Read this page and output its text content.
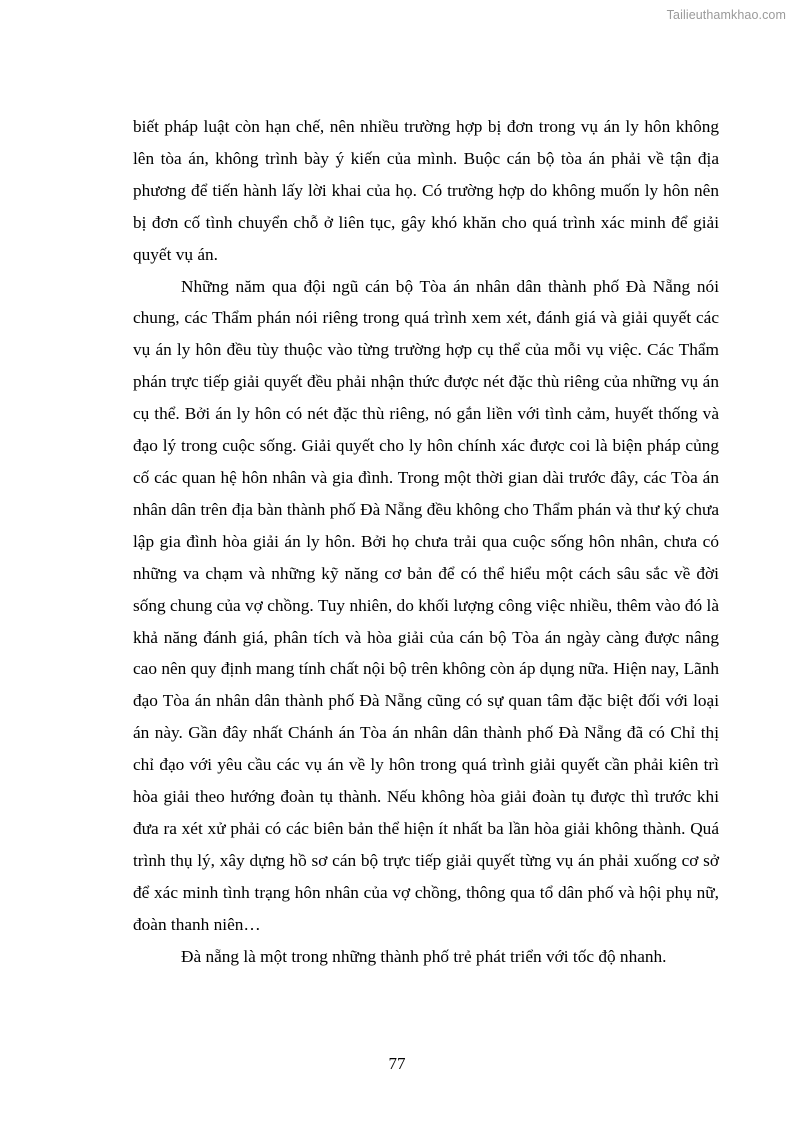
Tailieuthamkhao.com

biết pháp luật còn hạn chế, nên nhiều trường hợp bị đơn trong vụ án ly hôn không lên tòa án, không trình bày ý kiến của mình. Buộc cán bộ tòa án phải về tận địa phương để tiến hành lấy lời khai của họ. Có trường hợp do không muốn ly hôn nên bị đơn cố tình chuyển chỗ ở liên tục, gây khó khăn cho quá trình xác minh để giải quyết vụ án.

Những năm qua đội ngũ cán bộ Tòa án nhân dân thành phố Đà Nẵng nói chung, các Thẩm phán nói riêng trong quá trình xem xét, đánh giá và giải quyết các vụ án ly hôn đều tùy thuộc vào từng trường hợp cụ thể của mỗi vụ việc. Các Thẩm phán trực tiếp giải quyết đều phải nhận thức được nét đặc thù riêng của những vụ án cụ thể. Bởi án ly hôn có nét đặc thù riêng, nó gắn liền với tình cảm, huyết thống và đạo lý trong cuộc sống. Giải quyết cho ly hôn chính xác được coi là biện pháp củng cố các quan hệ hôn nhân và gia đình. Trong một thời gian dài trước đây, các Tòa án nhân dân trên địa bàn thành phố Đà Nẵng đều không cho Thẩm phán và thư ký chưa lập gia đình hòa giải án ly hôn. Bởi họ chưa trải qua cuộc sống hôn nhân, chưa có những va chạm và những kỹ năng cơ bản để có thể hiểu một cách sâu sắc về đời sống chung của vợ chồng. Tuy nhiên, do khối lượng công việc nhiều, thêm vào đó là khả năng đánh giá, phân tích và hòa giải của cán bộ Tòa án ngày càng được nâng cao nên quy định mang tính chất nội bộ trên không còn áp dụng nữa. Hiện nay, Lãnh đạo Tòa án nhân dân thành phố Đà Nẵng cũng có sự quan tâm đặc biệt đối với loại án này. Gần đây nhất Chánh án Tòa án nhân dân thành phố Đà Nẵng đã có Chỉ thị chỉ đạo với yêu cầu các vụ án về ly hôn trong quá trình giải quyết cần phải kiên trì hòa giải theo hướng đoàn tụ thành. Nếu không hòa giải đoàn tụ được thì trước khi đưa ra xét xử phải có các biên bản thể hiện ít nhất ba lần hòa giải không thành. Quá trình thụ lý, xây dựng hồ sơ cán bộ trực tiếp giải quyết từng vụ án phải xuống cơ sở để xác minh tình trạng hôn nhân của vợ chồng, thông qua tổ dân phố và hội phụ nữ, đoàn thanh niên…

Đà nẵng là một trong những thành phố trẻ phát triển với tốc độ nhanh.

77
